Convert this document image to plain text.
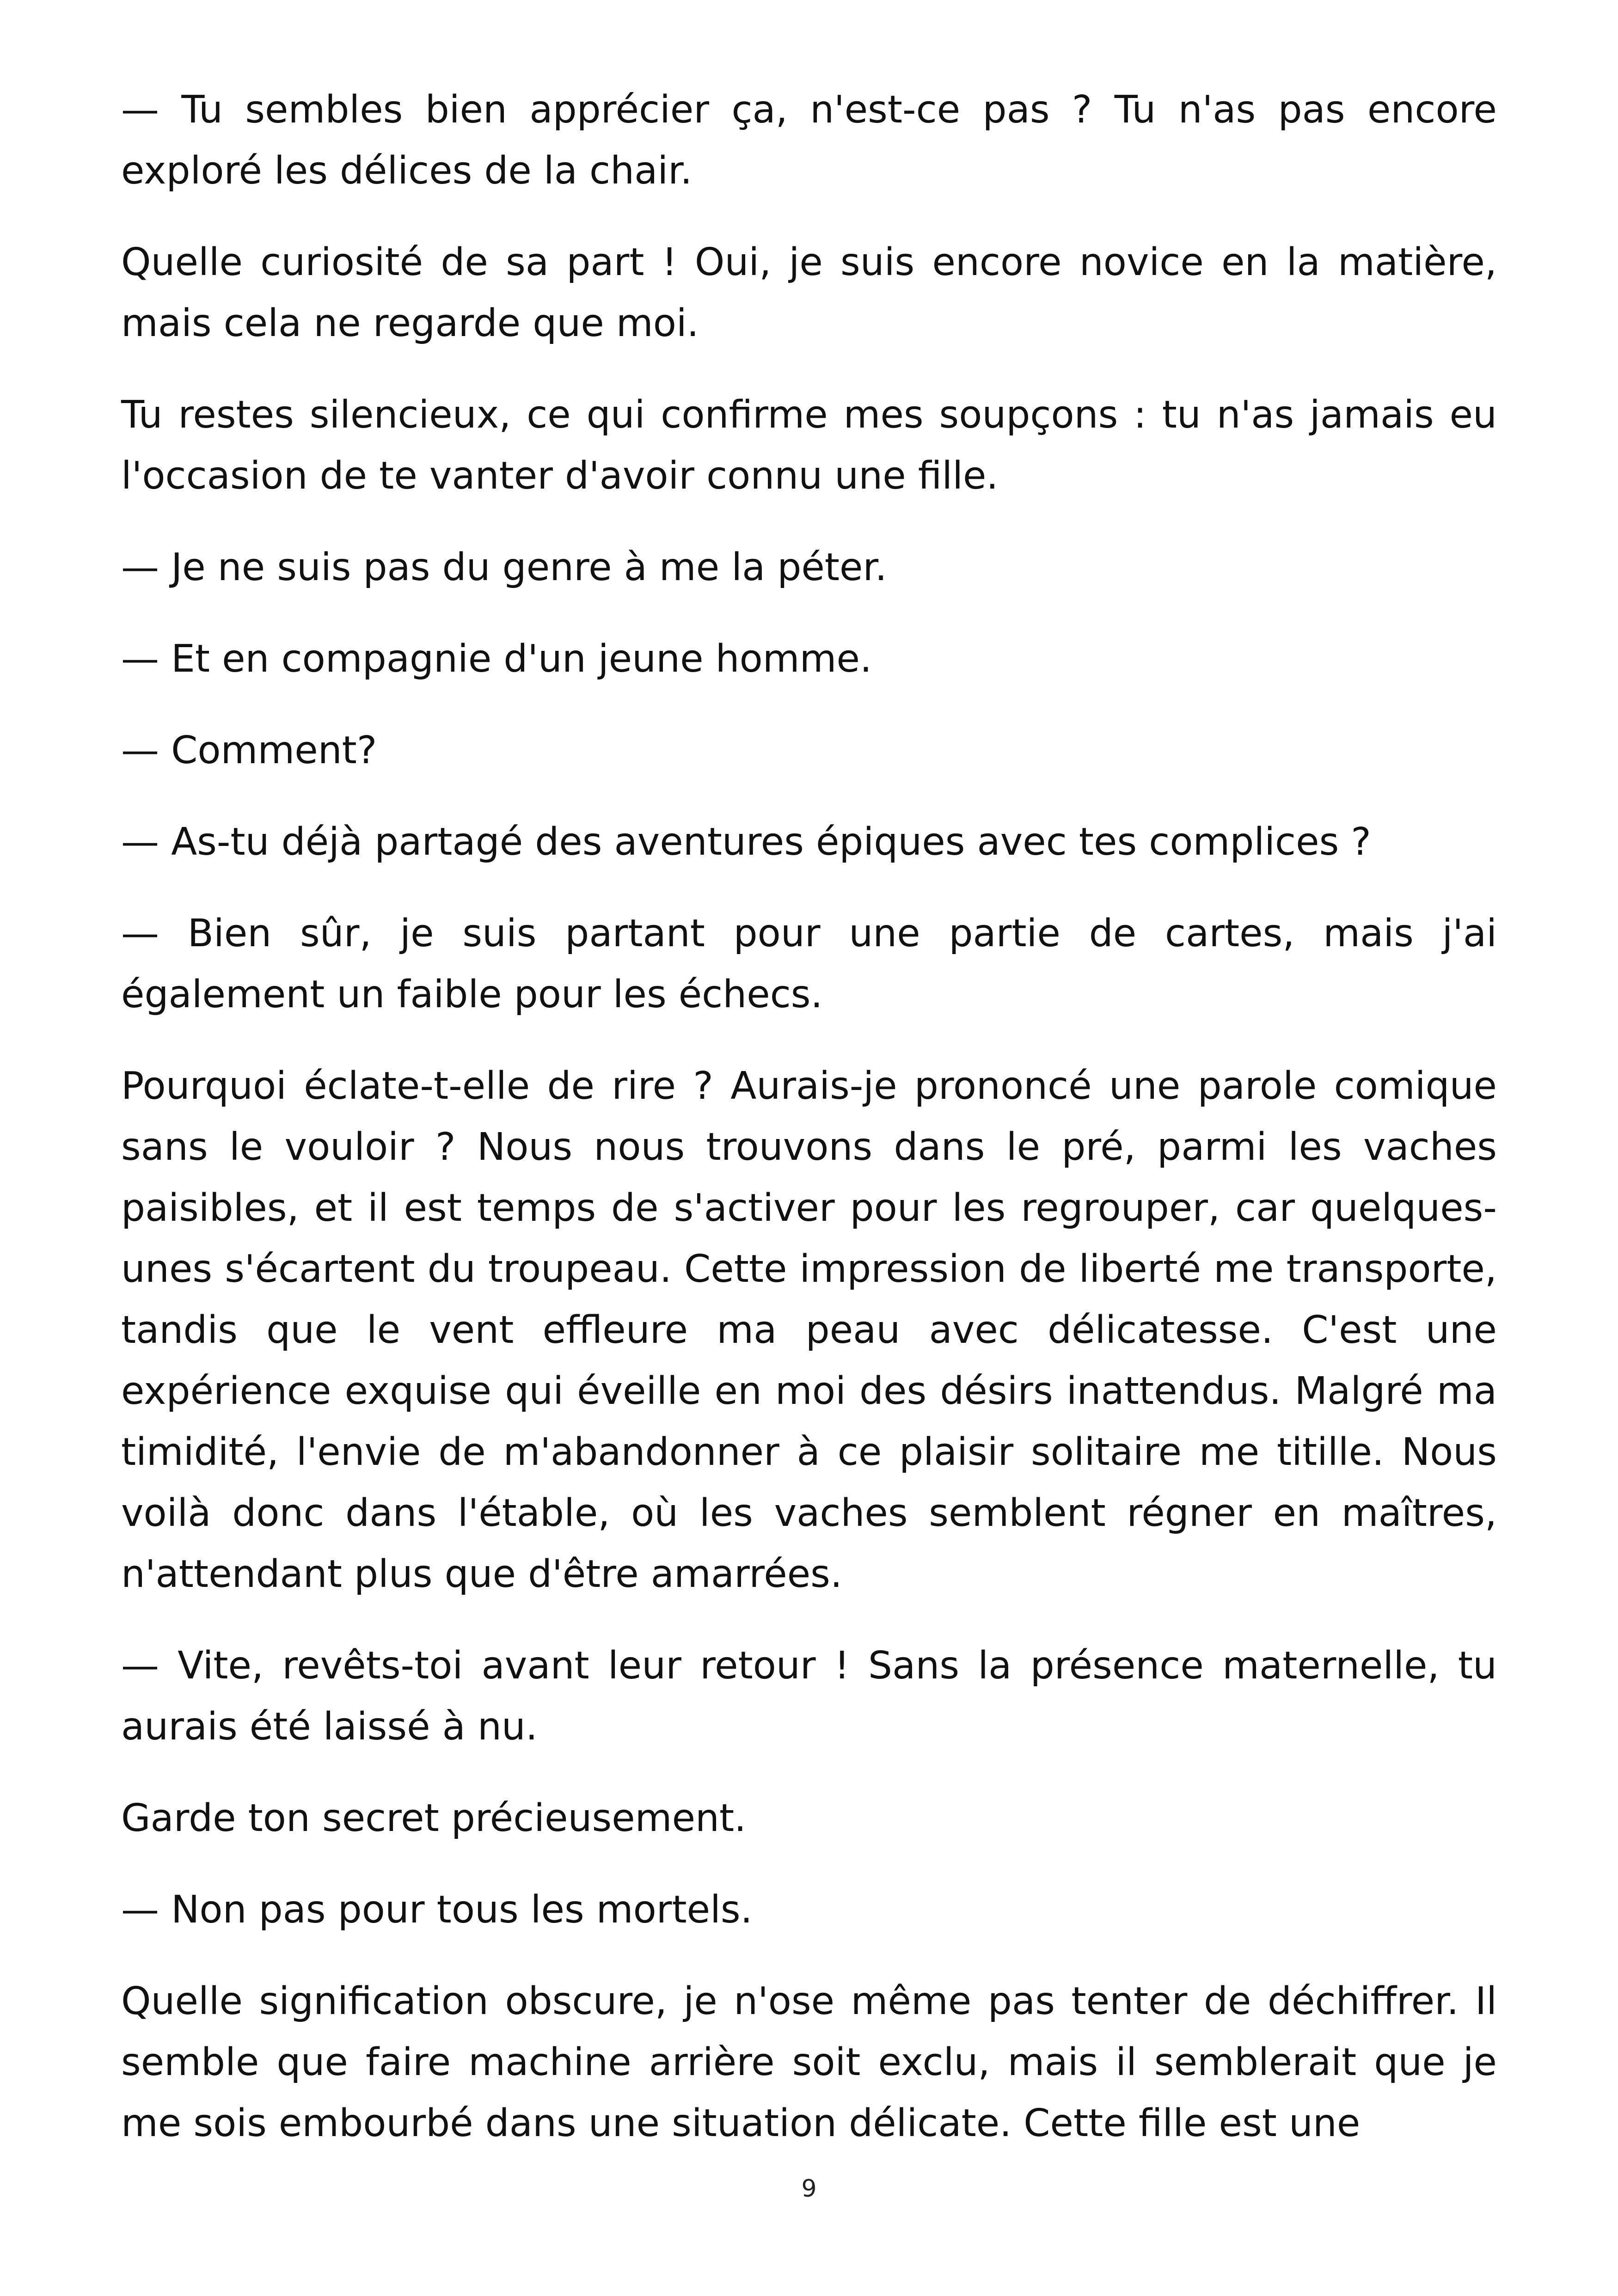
— Tu sembles bien apprécier ça, n'est-ce pas ? Tu n'as pas encore exploré les délices de la chair.

Quelle curiosité de sa part ! Oui, je suis encore novice en la matière, mais cela ne regarde que moi.

Tu restes silencieux, ce qui confirme mes soupçons : tu n'as jamais eu l'occasion de te vanter d'avoir connu une fille.

— Je ne suis pas du genre à me la péter.

— Et en compagnie d'un jeune homme.

— Comment?

— As-tu déjà partagé des aventures épiques avec tes complices ?

— Bien sûr, je suis partant pour une partie de cartes, mais j'ai également un faible pour les échecs.

Pourquoi éclate-t-elle de rire ? Aurais-je prononcé une parole comique sans le vouloir ? Nous nous trouvons dans le pré, parmi les vaches paisibles, et il est temps de s'activer pour les regrouper, car quelques-unes s'écartent du troupeau. Cette impression de liberté me transporte, tandis que le vent effleure ma peau avec délicatesse. C'est une expérience exquise qui éveille en moi des désirs inattendus. Malgré ma timidité, l'envie de m'abandonner à ce plaisir solitaire me titille. Nous voilà donc dans l'étable, où les vaches semblent régner en maîtres, n'attendant plus que d'être amarrées.

— Vite, revêts-toi avant leur retour ! Sans la présence maternelle, tu aurais été laissé à nu.

Garde ton secret précieusement.

— Non pas pour tous les mortels.

Quelle signification obscure, je n'ose même pas tenter de déchiffrer. Il semble que faire machine arrière soit exclu, mais il semblerait que je me sois embourbé dans une situation délicate. Cette fille est une

9
